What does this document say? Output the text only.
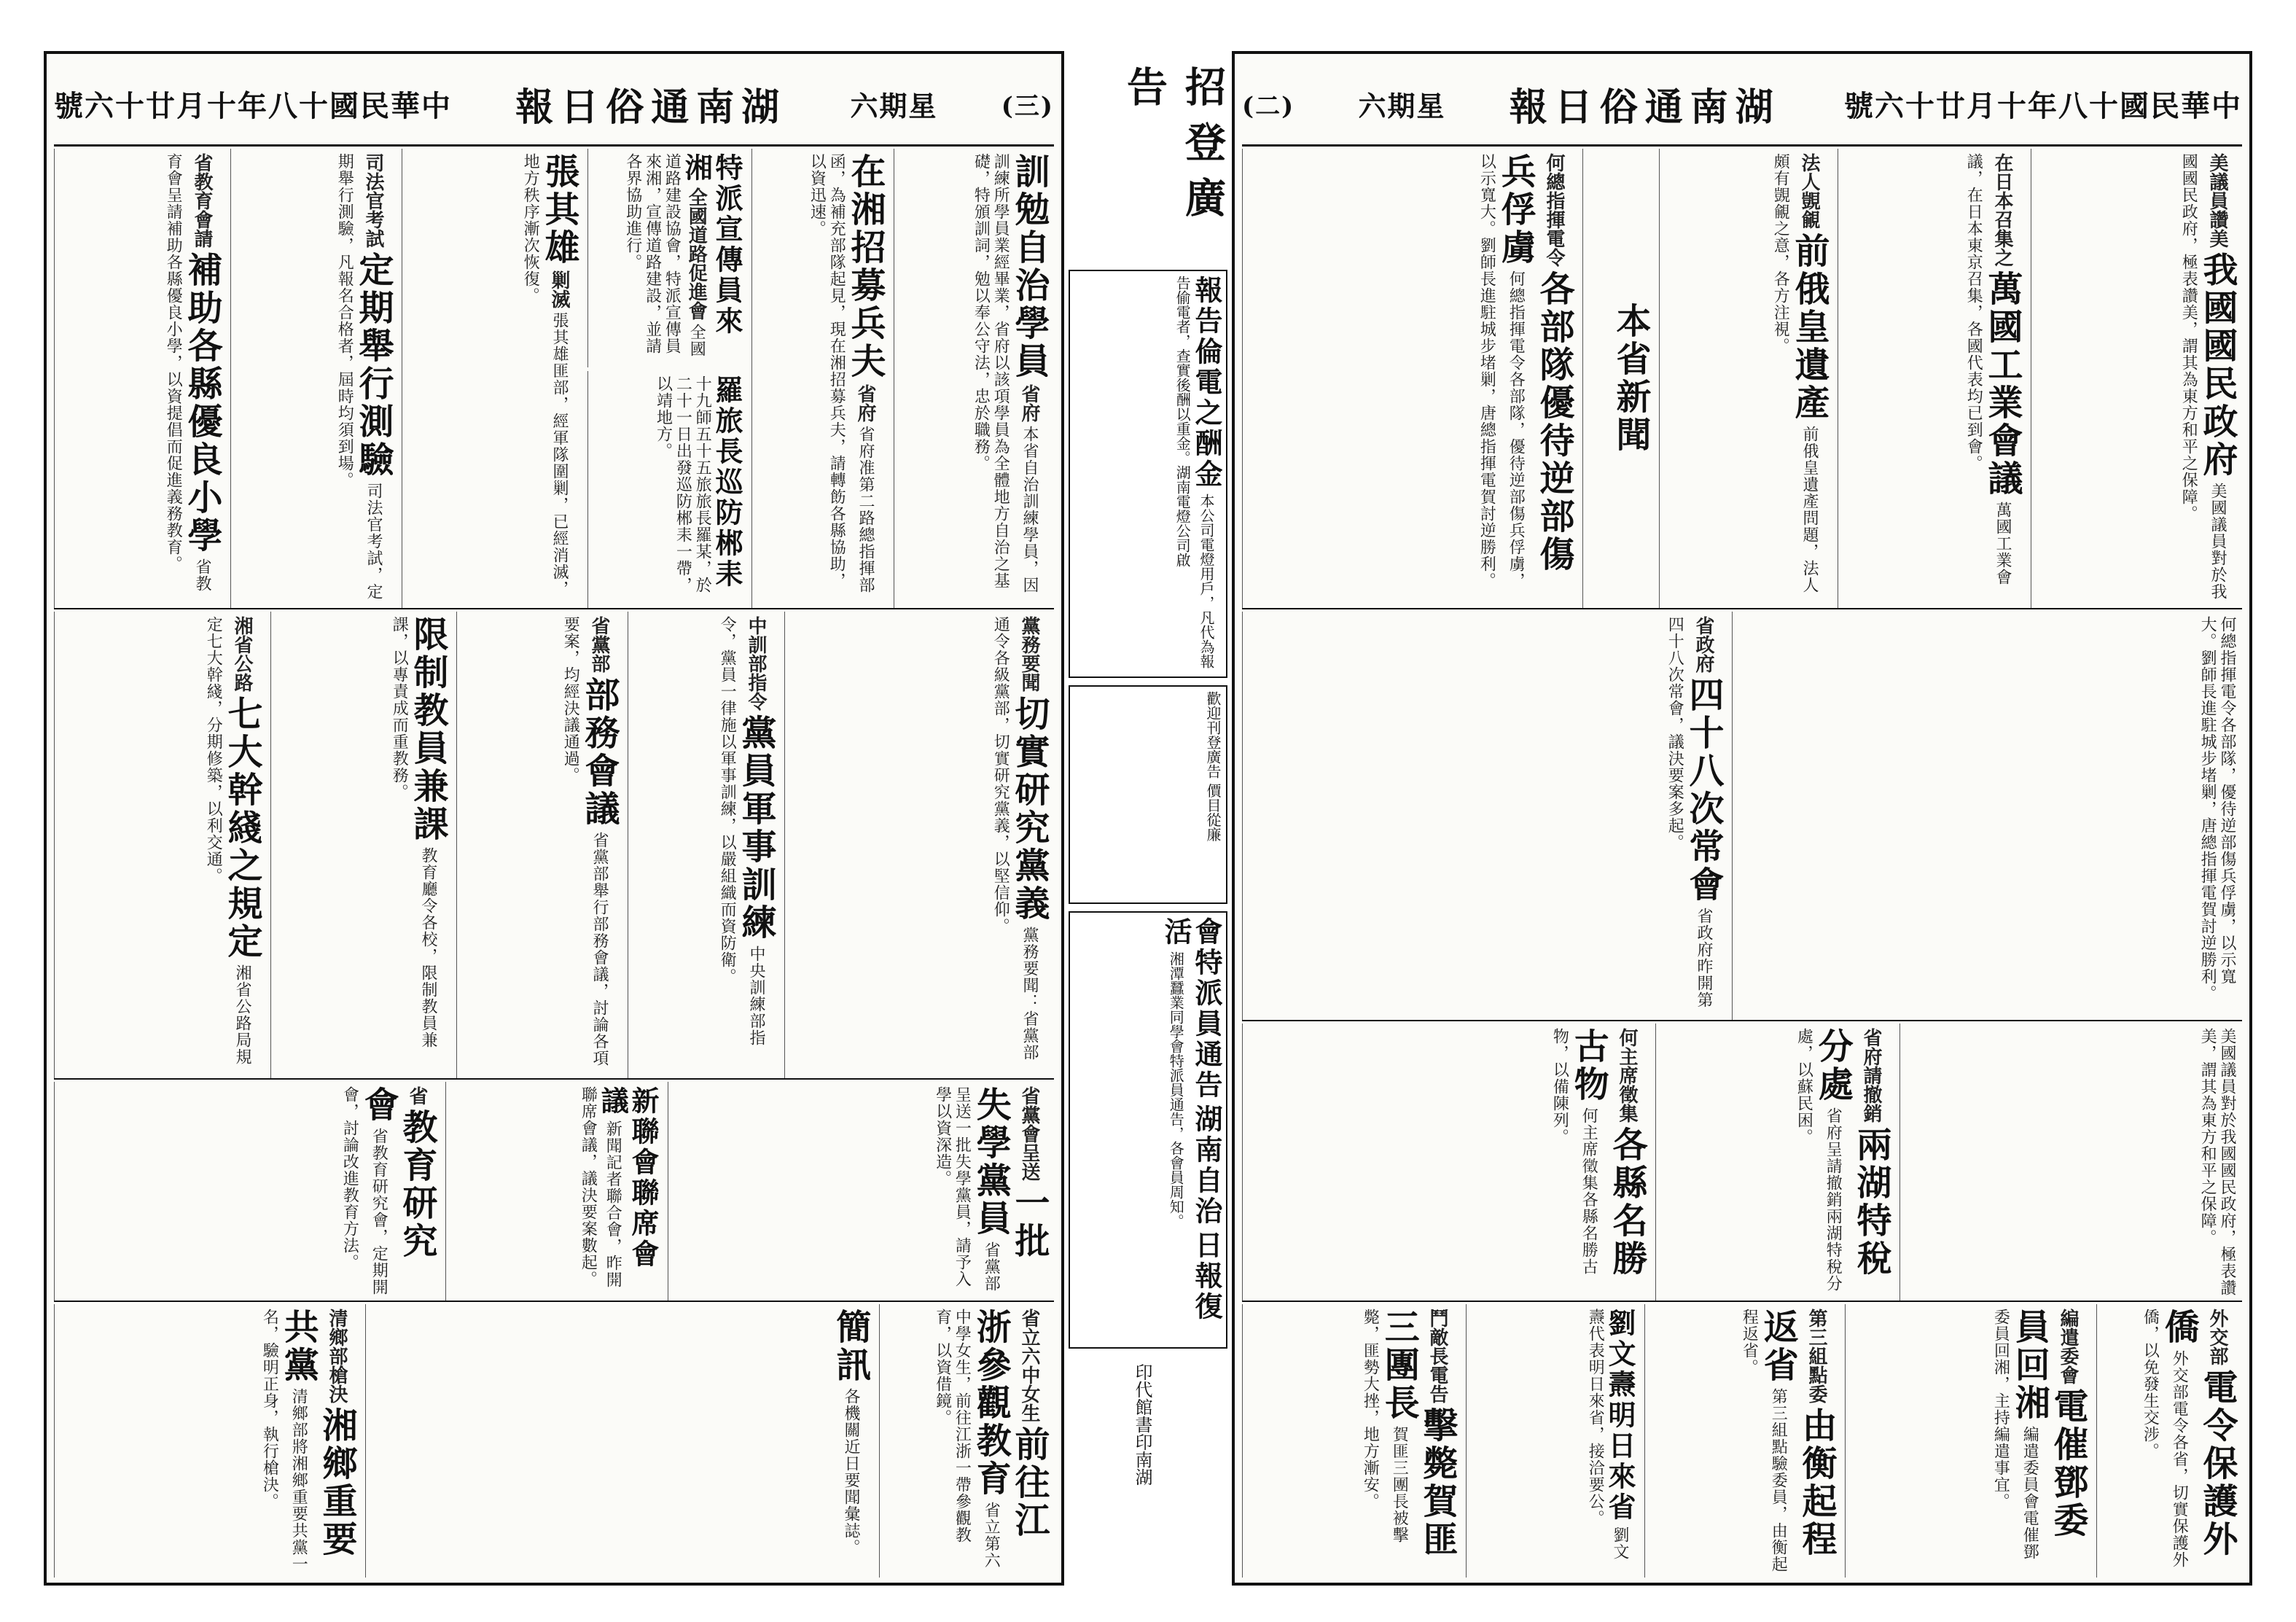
號六十廿月十年八十國民華中 報日俗通南湖 六期星	(三)
訓勉自治學員 省府 本省自治訓練學員，因訓練所學員業經畢業，省府以該項學員為全體地方自治之基礎，特頒訓詞，勉以奉公守法，忠於職務。
在湘招募兵夫 省府 省府准第二路總指揮部函，為補充部隊起見，現在湘招募兵夫，請轉飭各縣協助，以資迅速。
特派宣傳員來湘 全國道路促進會 全國道路建設協會，特派宣傳員來湘，宣傳道路建設，並請各界協助進行。
羅旅長巡防郴耒 十九師五十五旅旅長羅某，於二十一日出發巡防郴耒一帶，以靖地方。
張其雄 剿滅 張其雄匪部，經軍隊圍剿，已經消滅，地方秩序漸次恢復。
司法官考試 定期舉行測驗 司法官考試，定期舉行測驗，凡報名合格者，屆時均須到場。
省教育會請 補助各縣優良小學 省教育會呈請補助各縣優良小學，以資提倡而促進義務教育。
黨務要聞 切實研究黨義 黨務要聞：省黨部通令各級黨部，切實研究黨義，以堅信仰。
中訓部指令 黨員軍事訓練 中央訓練部指令，黨員一律施以軍事訓練，以嚴組織而資防衛。
省黨部 部務會議 省黨部舉行部務會議，討論各項要案，均經決議通過。
限制教員兼課 教育廳令各校，限制教員兼課，以專責成而重教務。
湘省公路 七大幹綫之規定 湘省公路局規定七大幹綫，分期修築，以利交通。
省黨會呈送 一批失學黨員 省黨部呈送一批失學黨員，請予入學以資深造。
新聯會聯席會議 新聞記者聯合會，昨開聯席會議，議決要案數起。
省 教育研究會 省教育研究會，定期開會，討論改進教育方法。
省立六中女生 前往江浙參觀教育 省立第六中學女生，前往江浙一帶參觀教育，以資借鏡。
簡訊 各機關近日要聞彙誌。
清鄉部槍決 湘鄉重要共黨 清鄉部將湘鄉重要共黨一名，驗明正身，執行槍決。
招登廣告
報告倫電之酬金 本公司電燈用戶，凡代為報告偷電者，查實後酬以重金。湖南電燈公司啟
歡迎刊登廣告 價目從廉
會特派員通告 湖南自治 日報復活 湘潭蠶業同學會特派員通告，各會員周知。
印代館書印南湖
(二) 六期星 報日俗通南湖 號六十廿月十年八十國民華中
美議員讚美 我國國民政府 美國議員對於我國國民政府，極表讚美，謂其為東方和平之保障。
在日本召集之 萬國工業會議 萬國工業會議，在日本東京召集，各國代表均已到會。
法人覬覦 前俄皇遺產 前俄皇遺產問題，法人頗有覬覦之意，各方注視。
本省新聞
何總指揮電令 各部隊優待逆部傷兵俘虜 何總指揮電令各部隊，優待逆部傷兵俘虜，以示寬大。劉師長進駐城步堵剿，唐總指揮電賀討逆勝利。
何總指揮電令各部隊，優待逆部傷兵俘虜，以示寬大。劉師長進駐城步堵剿，唐總指揮電賀討逆勝利。
省政府 四十八次常會 省政府昨開第四十八次常會，議決要案多起。
美國議員對於我國國民政府，極表讚美，謂其為東方和平之保障。
省府請撤銷 兩湖特稅分處 省府呈請撤銷兩湖特稅分處，以蘇民困。
何主席徵集 各縣名勝古物 何主席徵集各縣名勝古物，以備陳列。
外交部 電令保護外僑 外交部電令各省，切實保護外僑，以免發生交涉。
編遣委會 電催鄧委員回湘 編遣委員會電催鄧委員回湘，主持編遣事宜。
第三組點委 由衡起程返省 第三組點驗委員，由衡起程返省。
劉文燾明日來省 劉文燾代表明日來省，接洽要公。
鬥敵長電告 擊斃賀匪三團長 賀匪三團長被擊斃，匪勢大挫，地方漸安。
